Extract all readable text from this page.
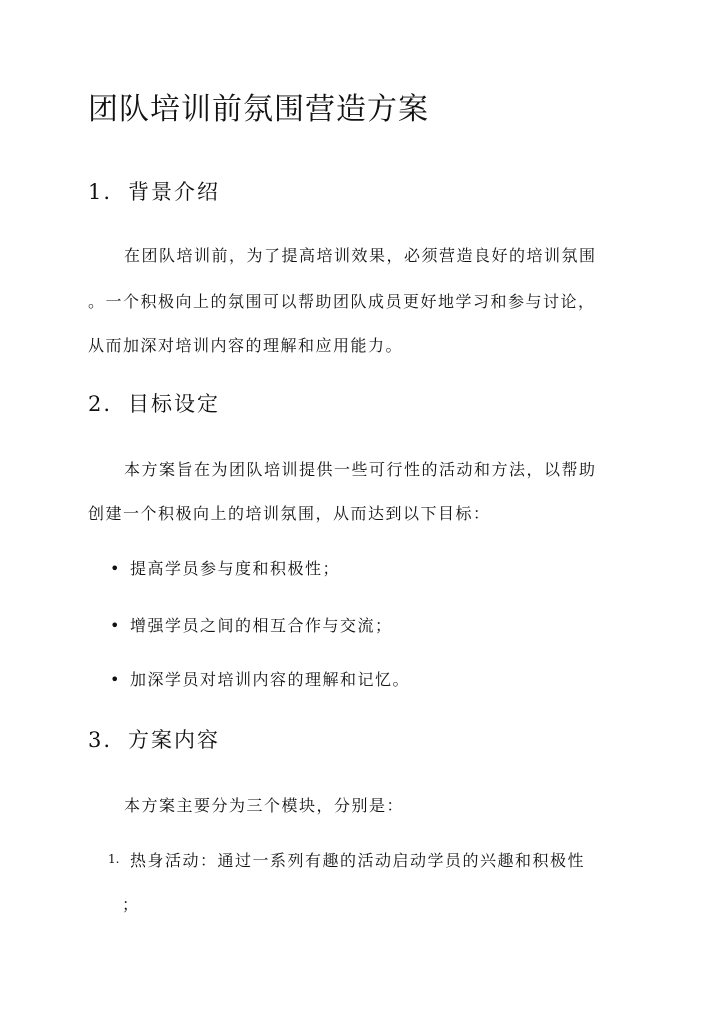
团队培训前氛围营造方案
1. 背景介绍
在团队培训前，为了提高培训效果，必须营造良好的培训氛围
。一个积极向上的氛围可以帮助团队成员更好地学习和参与讨论，
从而加深对培训内容的理解和应用能力。
2. 目标设定
本方案旨在为团队培训提供一些可行性的活动和方法，以帮助
创建一个积极向上的培训氛围，从而达到以下目标：
• 提高学员参与度和积极性；
• 增强学员之间的相互合作与交流；
• 加深学员对培训内容的理解和记忆。
3. 方案内容
本方案主要分为三个模块，分别是：
1. 热身活动：通过一系列有趣的活动启动学员的兴趣和积极性
；
